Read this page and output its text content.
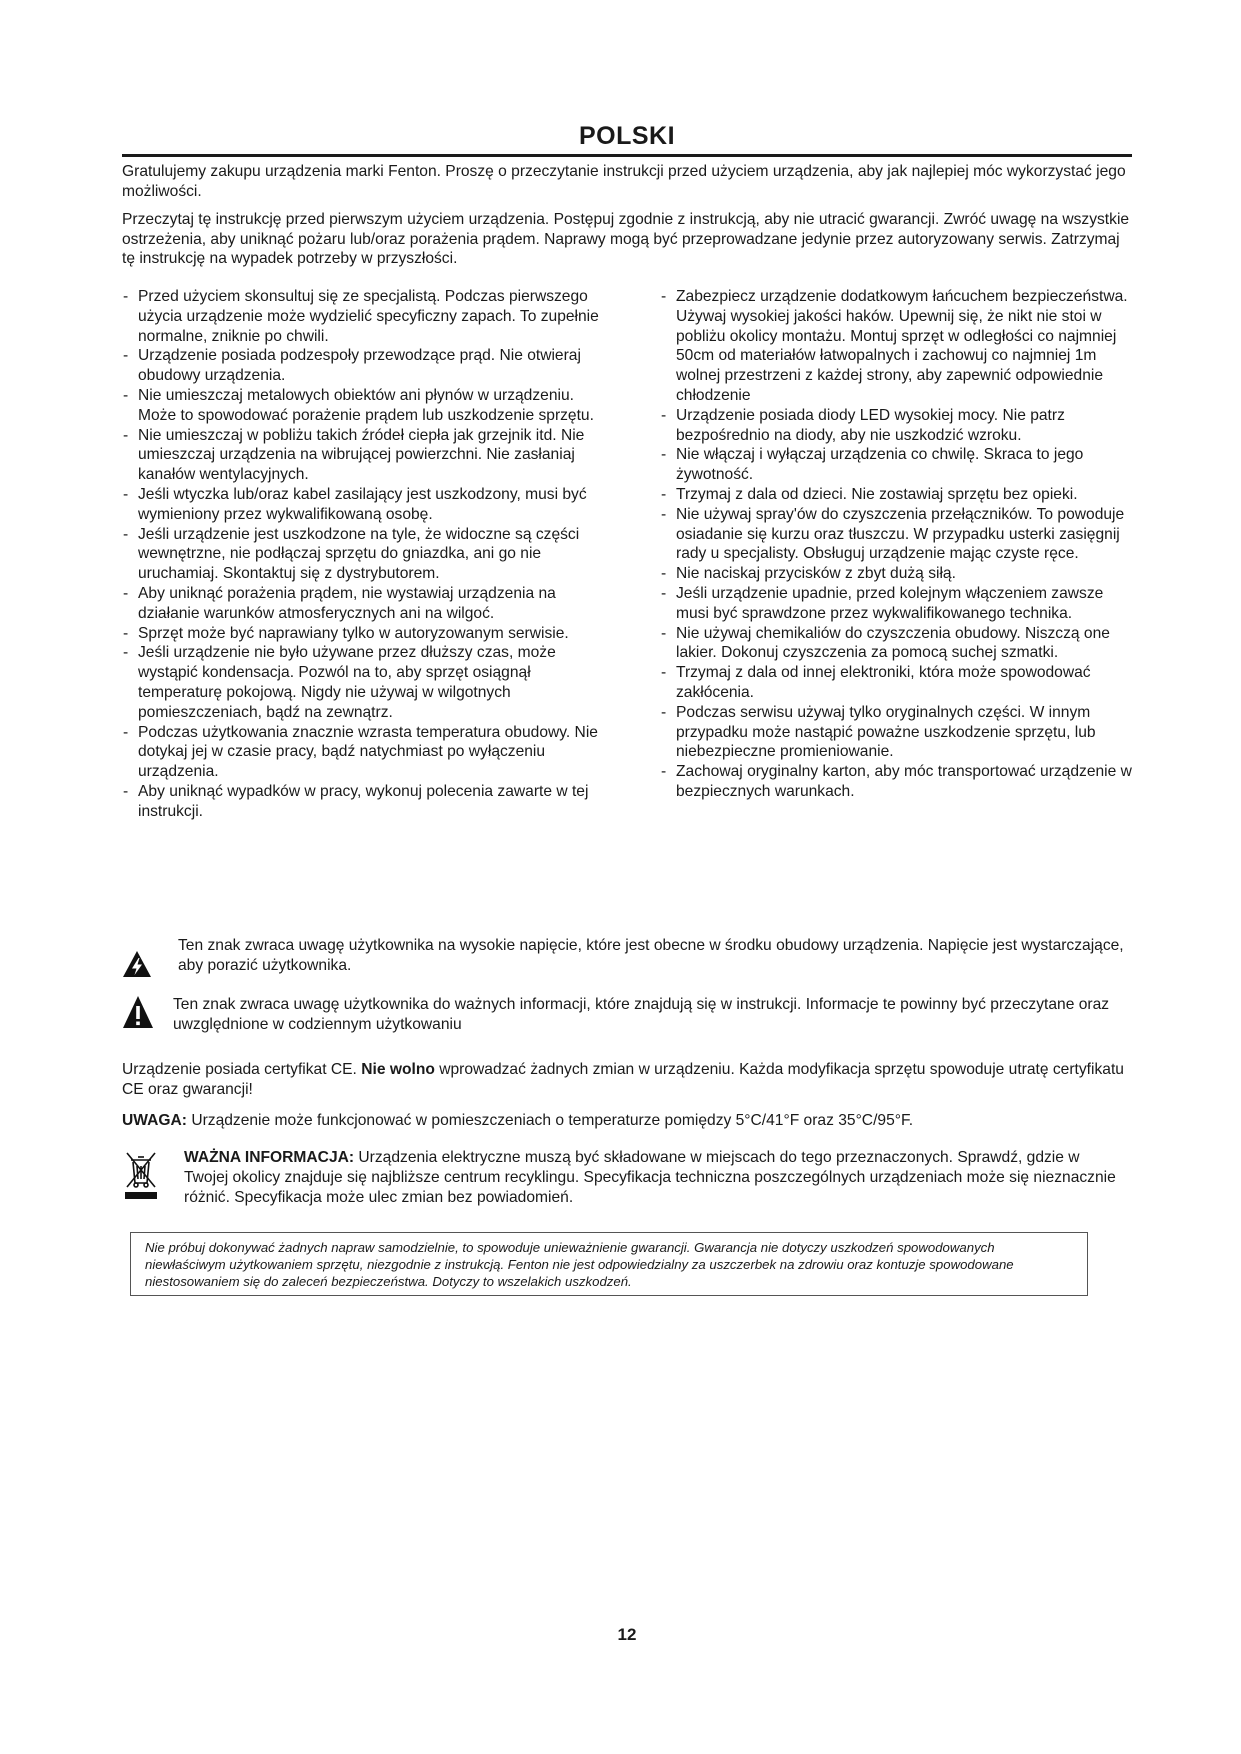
POLSKI

Gratulujemy zakupu urządzenia marki Fenton. Proszę o przeczytanie instrukcji przed użyciem urządzenia, aby jak najlepiej móc wykorzystać jego możliwości.

Przeczytaj tę instrukcję przed pierwszym użyciem urządzenia. Postępuj zgodnie z instrukcją, aby nie utracić gwarancji. Zwróć uwagę na wszystkie ostrzeżenia, aby uniknąć pożaru lub/oraz porażenia prądem. Naprawy mogą być przeprowadzane jedynie przez autoryzowany serwis. Zatrzymaj tę instrukcję na wypadek potrzeby w przyszłości.

- Przed użyciem skonsultuj się ze specjalistą. Podczas pierwszego użycia urządzenie może wydzielić specyficzny zapach. To zupełnie normalne, zniknie po chwili.
- Urządzenie posiada podzespoły przewodzące prąd. Nie otwieraj obudowy urządzenia.
- Nie umieszczaj metalowych obiektów ani płynów w urządzeniu. Może to spowodować porażenie prądem lub uszkodzenie sprzętu.
- Nie umieszczaj w pobliżu takich źródeł ciepła jak grzejnik itd. Nie umieszczaj urządzenia na wibrującej powierzchni. Nie zasłaniaj kanałów wentylacyjnych.
- Jeśli wtyczka lub/oraz kabel zasilający jest uszkodzony, musi być wymieniony przez wykwalifikowaną osobę.
- Jeśli urządzenie jest uszkodzone na tyle, że widoczne są części wewnętrzne, nie podłączaj sprzętu do gniazdka, ani go nie uruchamiaj. Skontaktuj się z dystrybutorem.
- Aby uniknąć porażenia prądem, nie wystawiaj urządzenia na działanie warunków atmosferycznych ani na wilgoć.
- Sprzęt może być naprawiany tylko w autoryzowanym serwisie.
- Jeśli urządzenie nie było używane przez dłuższy czas, może wystąpić kondensacja. Pozwól na to, aby sprzęt osiągnął temperaturę pokojową. Nigdy nie używaj w wilgotnych pomieszczeniach, bądź na zewnątrz.
- Podczas użytkowania znacznie wzrasta temperatura obudowy. Nie dotykaj jej w czasie pracy, bądź natychmiast po wyłączeniu urządzenia.
- Aby uniknąć wypadków w pracy, wykonuj polecenia zawarte w tej instrukcji.
- Zabezpiecz urządzenie dodatkowym łańcuchem bezpieczeństwa. Używaj wysokiej jakości haków. Upewnij się, że nikt nie stoi w pobliżu okolicy montażu. Montuj sprzęt w odległości co najmniej 50cm od materiałów łatwopalnych i zachowuj co najmniej 1m wolnej przestrzeni z każdej strony, aby zapewnić odpowiednie chłodzenie
- Urządzenie posiada diody LED wysokiej mocy. Nie patrz bezpośrednio na diody, aby nie uszkodzić wzroku.
- Nie włączaj i wyłączaj urządzenia co chwilę. Skraca to jego żywotność.
- Trzymaj z dala od dzieci. Nie zostawiaj sprzętu bez opieki.
- Nie używaj spray'ów do czyszczenia przełączników. To powoduje osiadanie się kurzu oraz tłuszczu. W przypadku usterki zasięgnij rady u specjalisty. Obsługuj urządzenie mając czyste ręce.
- Nie naciskaj przycisków z zbyt dużą siłą.
- Jeśli urządzenie upadnie, przed kolejnym włączeniem zawsze musi być sprawdzone przez wykwalifikowanego technika.
- Nie używaj chemikaliów do czyszczenia obudowy. Niszczą one lakier. Dokonuj czyszczenia za pomocą suchej szmatki.
- Trzymaj z dala od innej elektroniki, która może spowodować zakłócenia.
- Podczas serwisu używaj tylko oryginalnych części. W innym przypadku może nastąpić poważne uszkodzenie sprzętu, lub niebezpieczne promieniowanie.
- Zachowaj oryginalny karton, aby móc transportować urządzenie w bezpiecznych warunkach.
Ten znak zwraca uwagę użytkownika na wysokie napięcie, które jest obecne w środku obudowy urządzenia. Napięcie jest wystarczające, aby porazić użytkownika.
Ten znak zwraca uwagę użytkownika do ważnych informacji, które znajdują się w instrukcji. Informacje te powinny być przeczytane oraz uwzględnione w codziennym użytkowaniu

Urządzenie posiada certyfikat CE. Nie wolno wprowadzać żadnych zmian w urządzeniu. Każda modyfikacja sprzętu spowoduje utratę certyfikatu CE oraz gwarancji!

UWAGA: Urządzenie może funkcjonować w pomieszczeniach o temperaturze pomiędzy 5°C/41°F oraz 35°C/95°F.

WAŻNA INFORMACJA: Urządzenia elektryczne muszą być składowane w miejscach do tego przeznaczonych. Sprawdź, gdzie w Twojej okolicy znajduje się najbliższe centrum recyklingu. Specyfikacja techniczna poszczególnych urządzeniach może się nieznacznie różnić. Specyfikacja może ulec zmian bez powiadomień.

Nie próbuj dokonywać żadnych napraw samodzielnie, to spowoduje unieważnienie gwarancji. Gwarancja nie dotyczy uszkodzeń spowodowanych niewłaściwym użytkowaniem sprzętu, niezgodnie z instrukcją. Fenton nie jest odpowiedzialny za uszczerbek na zdrowiu oraz kontuzje spowodowane niestosowaniem się do zaleceń bezpieczeństwa. Dotyczy to wszelakich uszkodzeń.
12
